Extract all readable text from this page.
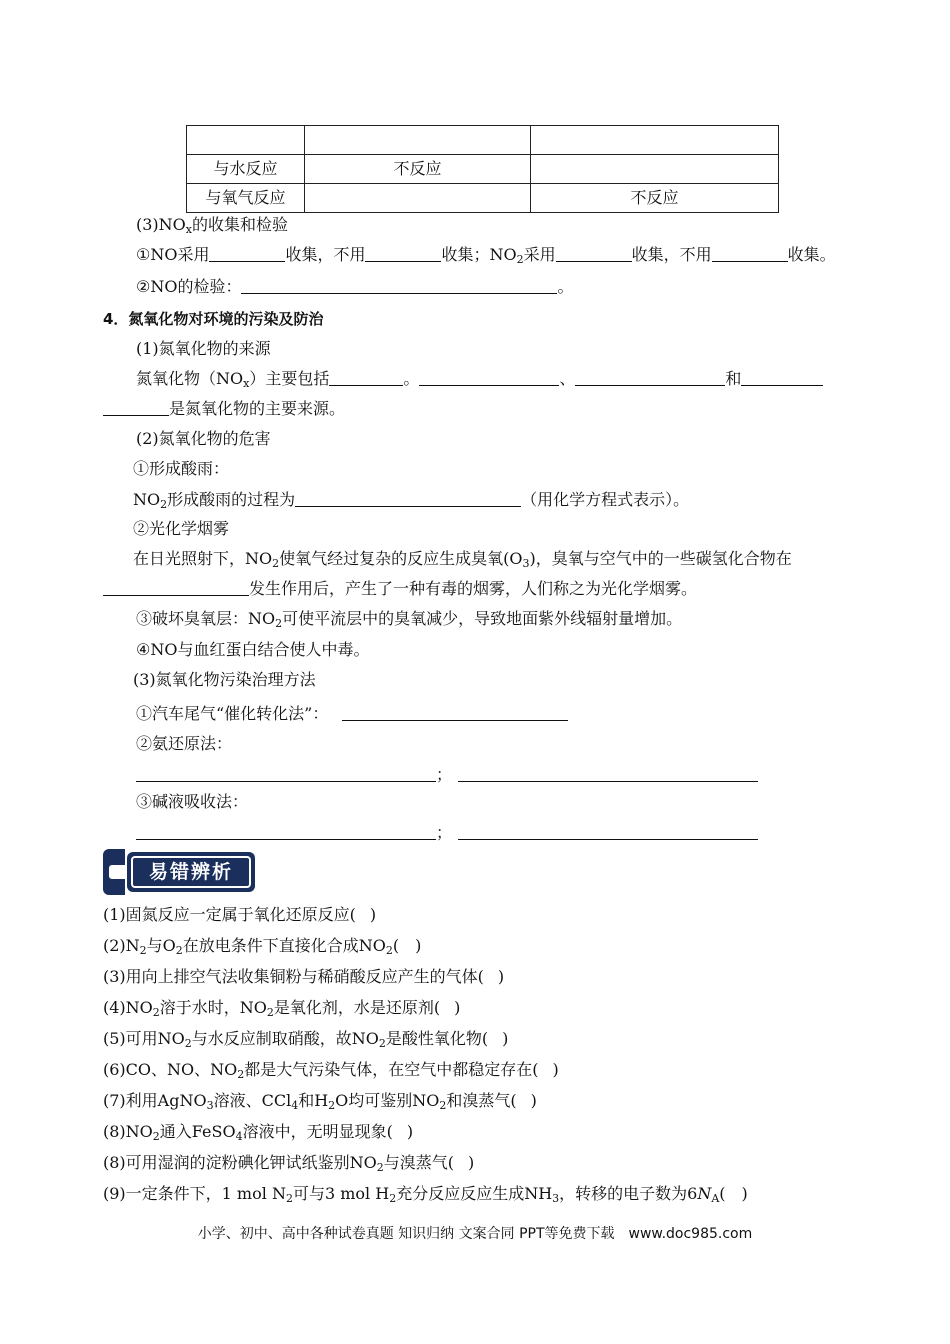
与水反应	不反应	
与氧气反应		不反应
$(3)NO_x$的收集和检验
①NO采用	收集，不用	收集；$NO_2$采用	收集，不用	收集。
②NO的检验：	。
4．氮氧化物对环境的污染及防治
(1)氮氧化物的来源
氮氧化物$(NO_x)$主要包括	。	、	和
是氮氧化物的主要来源。
(2)氮氧化物的危害
①形成酸雨：
$NO_2$形成酸雨的过程为	（用化学方程式表示）。
②光化学烟雾
在日光照射下，$NO_2$使氧气经过复杂的反应生成臭氧$(O_3)$，臭氧与空气中的一些碳氢化合物在
发生作用后，产生了一种有毒的烟雾，人们称之为光化学烟雾。
③破坏臭氧层：$NO_2$可使平流层中的臭氧减少，导致地面紫外线辐射量增加。
④NO与血红蛋白结合使人中毒。
(3)氮氧化物污染治理方法
①汽车尾气“催化转化法”：
②氨还原法：
；
③碱液吸收法：
；
易错辨析
(1)固氮反应一定属于氧化还原反应( )
$(2)N_2$与$O_2$在放电条件下直接化合成$NO_2$(　)
(3)用向上排空气法收集铜粉与稀硝酸反应产生的气体( )
$(4)NO_2$溶于水时，$NO_2$是氧化剂，水是还原剂( )
(5)可用$NO_2$与水反应制取硝酸，故$NO_2$是酸性氧化物( )
(6)CO、NO、$NO_2$都是大气污染气体，在空气中都稳定存在( )
(7)利用AgNO$_3$溶液、CCl$_4$和$H_2O$均可鉴别$NO_2$和溴蒸气( )
$(8)NO_2$通入FeSO$_4$溶液中，无明显现象( )
(8)可用湿润的淀粉碘化钾试纸鉴别$NO_2$与溴蒸气( )
(9)一定条件下，1 mol $N_2$可与3 mol $H_2$充分反应反应生成$NH_3$，转移的电子数为$6N_A$(　)
小学、初中、高中各种试卷真题 知识归纳 文案合同 PPT等免费下载　www.doc985.com
